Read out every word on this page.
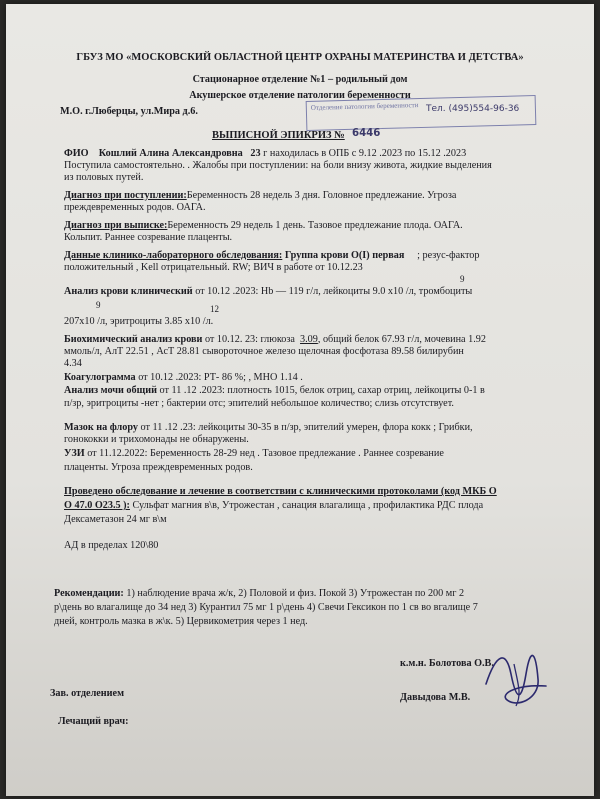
ГБУЗ МО «МОСКОВСКИЙ ОБЛАСТНОЙ ЦЕНТР ОХРАНЫ МАТЕРИНСТВА И ДЕТСТВА»
Стационарное отделение №1 – родильный дом
Акушерское отделение патологии беременности
М.О. г.Люберцы, ул.Мира д.6.	Тел. (495)554-96-36
Отделение патологии беременности
ВЫПИСНОЙ ЭПИКРИЗ № 6446
ФИО Кошлий Алина Александровна 23 г находилась в ОПБ с 9.12 .2023 по 15.12 .2023
Поступила самостоятельно. . Жалобы при поступлении: на боли внизу живота, жидкие выделения
из половых путей.
Диагноз при поступлении:Беременность 28 недель 3 дня. Головное предлежание. Угроза
преждевременных родов. ОАГА.
Диагноз при выписке:Беременность 29 недель 1 день. Тазовое предлежание плода. ОАГА.
Кольпит. Раннее созревание плаценты.
Данные клинико-лабораторного обследования: Группа крови О(I) первая ; резус-фактор
положительный , Kell отрицательный. RW; ВИЧ в работе от 10.12.23
9
Анализ крови клинический от 10.12 .2023: Hb — 119 г/л, лейкоциты 9.0 x10 /л, тромбоциты
9	12
207x10 /л, эритроциты 3.85 x10 /л.
Биохимический анализ крови от 10.12. 23: глюкоза 3.09, общий белок 67.93 г/л, мочевина 1.92
ммоль/л, АлТ 22.51 , АсТ 28.81 сывороточное железо щелочная фосфотаза 89.58 билирубин
4.34
Коагулограмма от 10.12 .2023: РТ- 86 %; , МНО 1.14 .
Анализ мочи общий от 11 .12 .2023: плотность 1015, белок отриц, сахар отриц, лейкоциты 0-1 в
п/зр, эритроциты -нет ; бактерии отс; эпителий небольшое количество; слизь отсутствует.
Мазок на флору от 11 .12 .23: лейкоциты 30-35 в п/зр, эпителий умерен, флора кокк ; Грибки,
гонококки и трихомонады не обнаружены.
УЗИ от 11.12.2022: Беременность 28-29 нед . Тазовое предлежание . Раннее созревание
плаценты. Угроза преждевременных родов.
Проведено обследование и лечение в соответствии с клиническими протоколами (код МКБ О
О 47.0 О23.5 ): Сульфат магния в\в, Утрожестан , санация влагалища , профилактика РДС плода
Дексаметазон 24 мг в\м
АД в пределах 120\80
Рекомендации: 1) наблюдение врача ж/к, 2) Половой и физ. Покой 3) Утрожестан по 200 мг 2
р\день во влагалище до 34 нед 3) Курантил 75 мг 1 р\день 4) Свечи Гексикон по 1 св во вгалище 7
дней, контроль мазка в ж\к. 5) Цервикометрия через 1 нед.
к.м.н. Болотова О.В.
Зав. отделением	Давыдова М.В.
Лечащий врач:
